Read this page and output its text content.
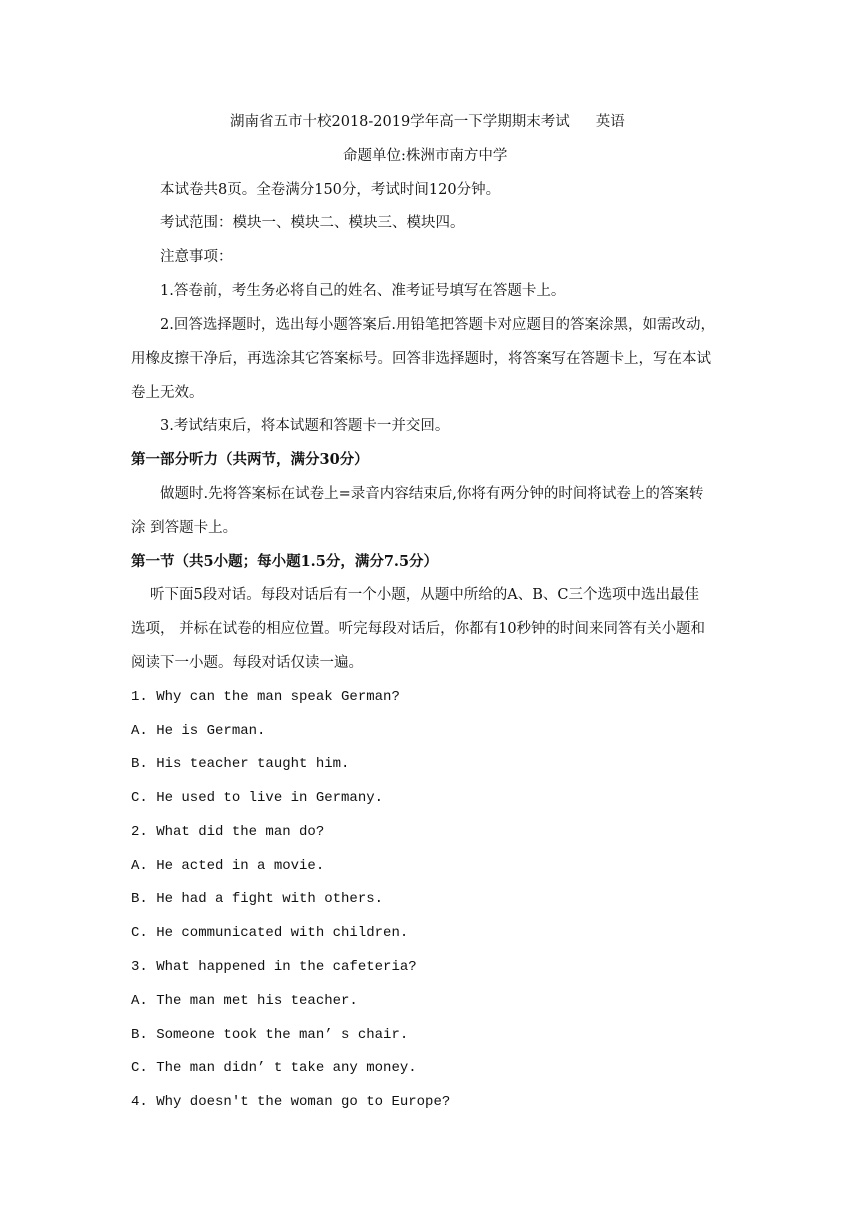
湖南省五市十校2018-2019学年高一下学期期末考试 英语
命题单位:株洲市南方中学
本试卷共8页。全卷满分150分，考试时间120分钟。
考试范围：模块一、模块二、模块三、模块四。
注意事项：
1.答卷前，考生务必将自己的姓名、准考证号填写在答题卡上。
2.回答选择题时，选出每小题答案后.用铅笔把答题卡对应题目的答案涂黑，如需改动，
用橡皮擦干净后，再选涂其它答案标号。回答非选择题时，将答案写在答题卡上，写在本试
卷上无效。
3.考试结束后，将本试题和答题卡一并交回。
第一部分听力（共两节，满分30分）
做题时.先将答案标在试卷上=录音内容结束后,你将有两分钟的时间将试卷上的答案转
涂 到答题卡上。
第一节（共5小题；每小题1.5分，满分7.5分）
听下面5段对话。每段对话后有一个小题，从题中所给的A、B、C三个选项中选出最佳
选项， 并标在试卷的相应位置。听完每段对话后，你都有10秒钟的时间来同答有关小题和
阅读下一小题。每段对话仅读一遍。
1. Why can the man speak German?
A. He is German.
B. His teacher taught him.
C. He used to live in Germany.
2. What did the man do?
A. He acted in a movie.
B. He had a fight with others.
C. He communicated with children.
3. What happened in the cafeteria?
A. The man met his teacher.
B. Someone took the man’ s chair.
C. The man didn’ t take any money.
4. Why doesn't the woman go to Europe?
